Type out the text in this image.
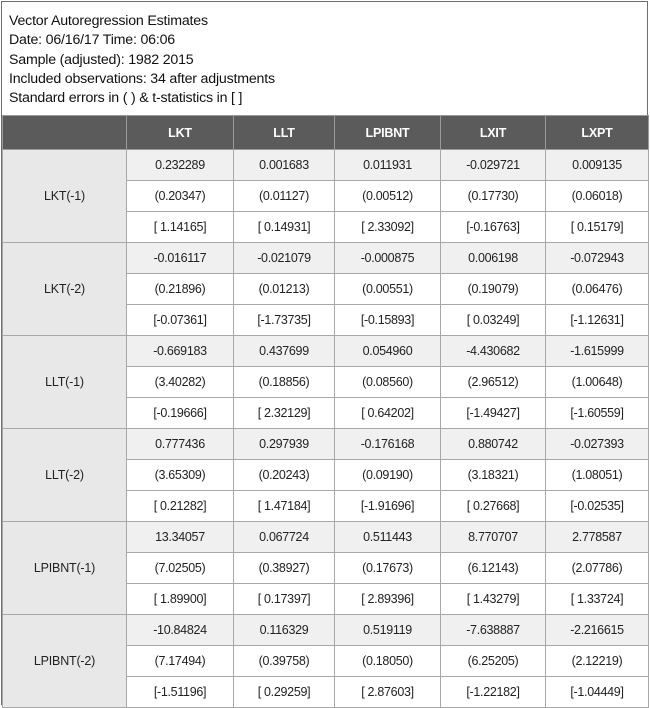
Vector Autoregression Estimates
Date: 06/16/17 Time: 06:06
Sample (adjusted): 1982 2015
Included observations: 34 after adjustments
Standard errors in ( ) & t-statistics in [ ]
	LKT	LLT	LPIBNT	LXIT	LXPT
LKT(-1)	0.232289	0.001683	0.011931	-0.029721	0.009135
	(0.20347)	(0.01127)	(0.00512)	(0.17730)	(0.06018)
	[ 1.14165]	[ 0.14931]	[ 2.33092]	[-0.16763]	[ 0.15179]
LKT(-2)	-0.016117	-0.021079	-0.000875	0.006198	-0.072943
	(0.21896)	(0.01213)	(0.00551)	(0.19079)	(0.06476)
	[-0.07361]	[-1.73735]	[-0.15893]	[ 0.03249]	[-1.12631]
LLT(-1)	-0.669183	0.437699	0.054960	-4.430682	-1.615999
	(3.40282)	(0.18856)	(0.08560)	(2.96512)	(1.00648)
	[-0.19666]	[ 2.32129]	[ 0.64202]	[-1.49427]	[-1.60559]
LLT(-2)	0.777436	0.297939	-0.176168	0.880742	-0.027393
	(3.65309)	(0.20243)	(0.09190)	(3.18321)	(1.08051)
	[ 0.21282]	[ 1.47184]	[-1.91696]	[ 0.27668]	[-0.02535]
LPIBNT(-1)	13.34057	0.067724	0.511443	8.770707	2.778587
	(7.02505)	(0.38927)	(0.17673)	(6.12143)	(2.07786)
	[ 1.89900]	[ 0.17397]	[ 2.89396]	[ 1.43279]	[ 1.33724]
LPIBNT(-2)	-10.84824	0.116329	0.519119	-7.638887	-2.216615
	(7.17494)	(0.39758)	(0.18050)	(6.25205)	(2.12219)
	[-1.51196]	[ 0.29259]	[ 2.87603]	[-1.22182]	[-1.04449]
